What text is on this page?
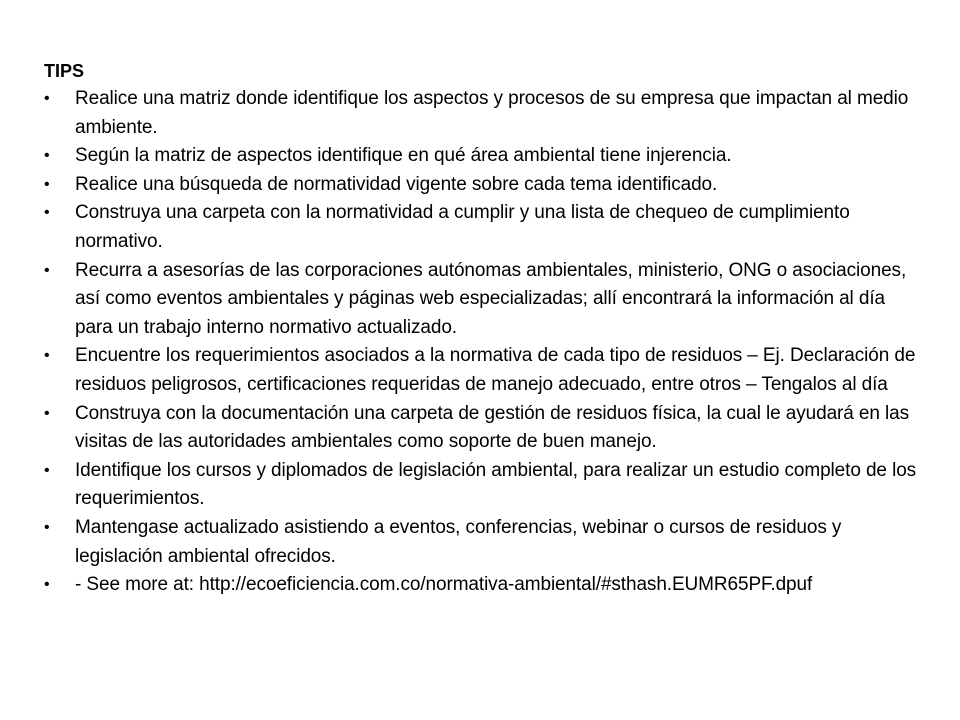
TIPS

•	Realice una matriz donde identifique los aspectos y procesos de su empresa que impactan al medio ambiente.
•	Según la matriz de aspectos identifique en qué área ambiental tiene injerencia.
•	Realice una búsqueda de normatividad vigente sobre cada tema identificado.
•	Construya una carpeta con la normatividad a cumplir y una lista de chequeo de cumplimiento normativo.
•	Recurra a asesorías de las corporaciones autónomas ambientales, ministerio, ONG o asociaciones, así como eventos ambientales y páginas web especializadas; allí encontrará la información al día para un trabajo interno normativo actualizado.
•	Encuentre los requerimientos asociados a la normativa de cada tipo de residuos – Ej. Declaración de residuos peligrosos, certificaciones requeridas de manejo adecuado, entre otros – Tengalos al día
•	Construya con la documentación una carpeta de gestión de residuos física, la cual le ayudará en las visitas de las autoridades ambientales como soporte de buen manejo.
•	Identifique los cursos y diplomados de legislación ambiental, para realizar un estudio completo de los requerimientos.
•	Mantengase actualizado asistiendo a eventos, conferencias, webinar o cursos de residuos y legislación ambiental ofrecidos.
•	- See more at: http://ecoeficiencia.com.co/normativa-ambiental/#sthash.EUMR65PF.dpuf
